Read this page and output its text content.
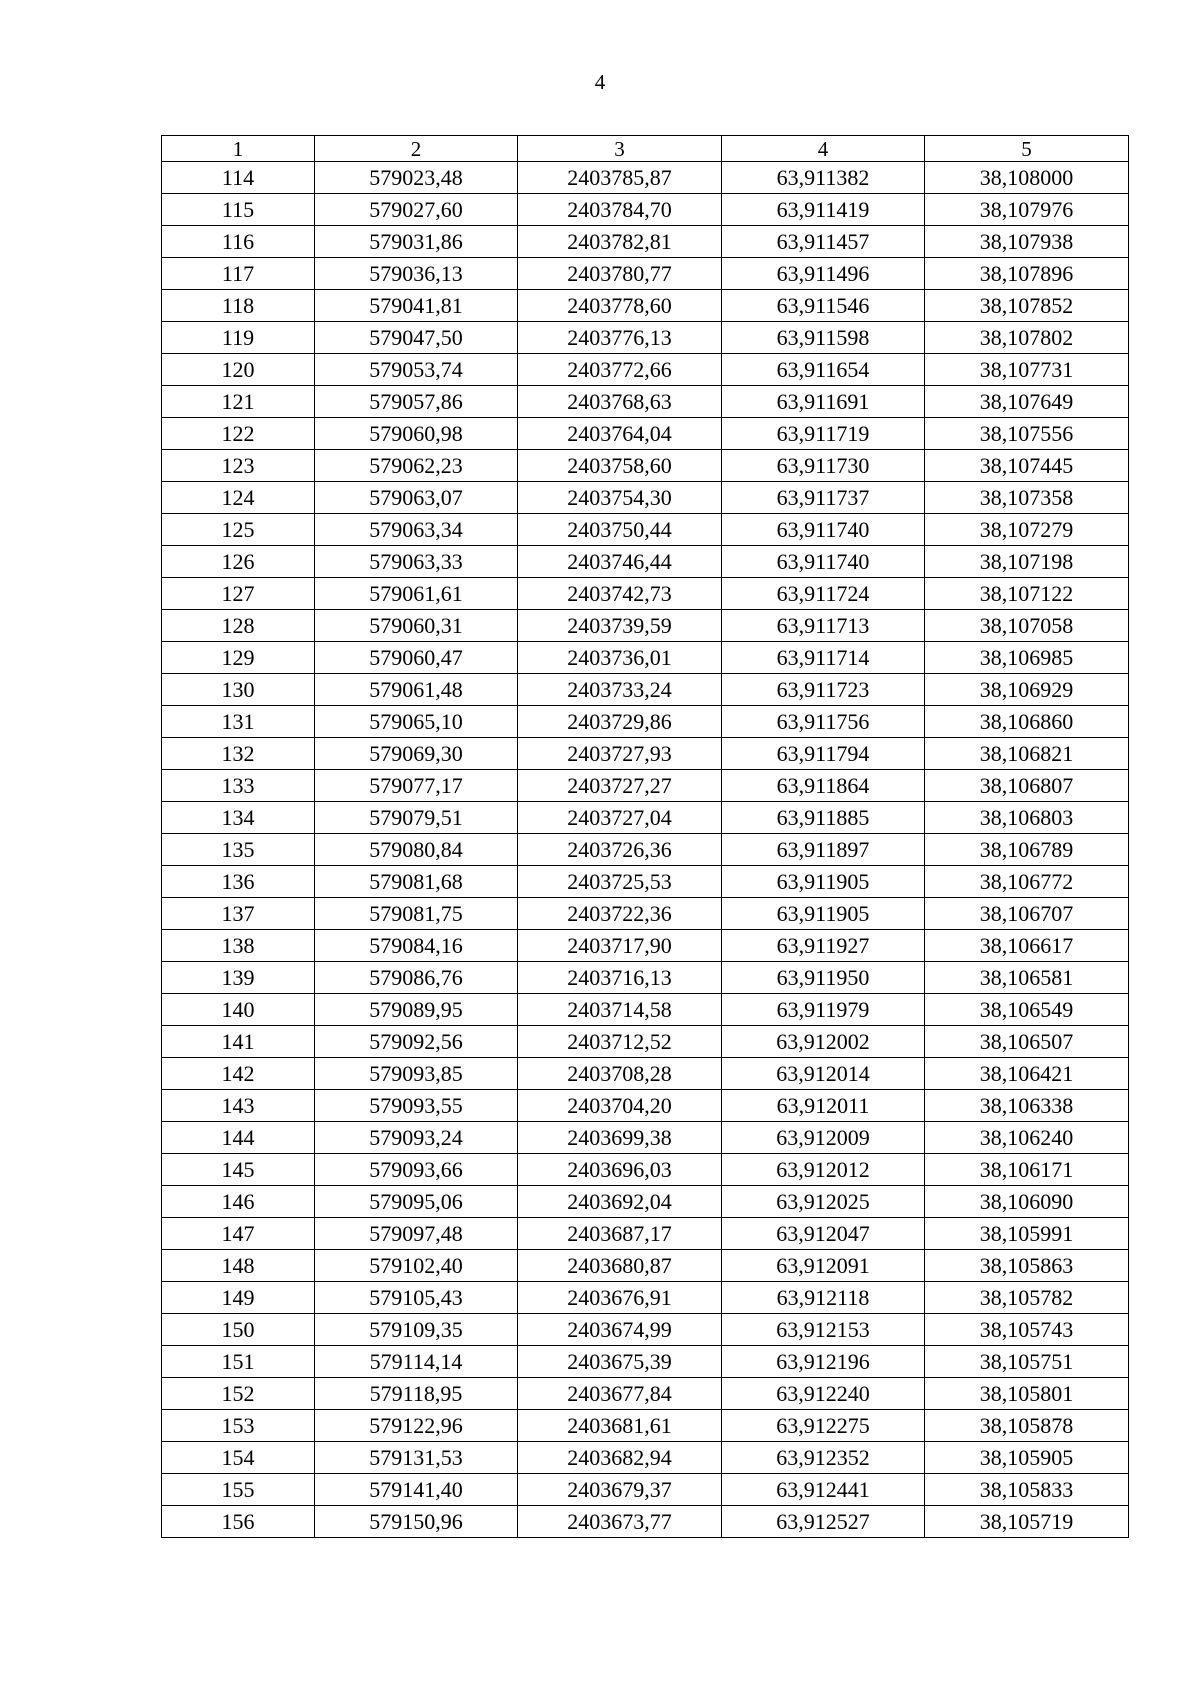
4
1	2	3	4	5
114	579023,48	2403785,87	63,911382	38,108000
115	579027,60	2403784,70	63,911419	38,107976
116	579031,86	2403782,81	63,911457	38,107938
117	579036,13	2403780,77	63,911496	38,107896
118	579041,81	2403778,60	63,911546	38,107852
119	579047,50	2403776,13	63,911598	38,107802
120	579053,74	2403772,66	63,911654	38,107731
121	579057,86	2403768,63	63,911691	38,107649
122	579060,98	2403764,04	63,911719	38,107556
123	579062,23	2403758,60	63,911730	38,107445
124	579063,07	2403754,30	63,911737	38,107358
125	579063,34	2403750,44	63,911740	38,107279
126	579063,33	2403746,44	63,911740	38,107198
127	579061,61	2403742,73	63,911724	38,107122
128	579060,31	2403739,59	63,911713	38,107058
129	579060,47	2403736,01	63,911714	38,106985
130	579061,48	2403733,24	63,911723	38,106929
131	579065,10	2403729,86	63,911756	38,106860
132	579069,30	2403727,93	63,911794	38,106821
133	579077,17	2403727,27	63,911864	38,106807
134	579079,51	2403727,04	63,911885	38,106803
135	579080,84	2403726,36	63,911897	38,106789
136	579081,68	2403725,53	63,911905	38,106772
137	579081,75	2403722,36	63,911905	38,106707
138	579084,16	2403717,90	63,911927	38,106617
139	579086,76	2403716,13	63,911950	38,106581
140	579089,95	2403714,58	63,911979	38,106549
141	579092,56	2403712,52	63,912002	38,106507
142	579093,85	2403708,28	63,912014	38,106421
143	579093,55	2403704,20	63,912011	38,106338
144	579093,24	2403699,38	63,912009	38,106240
145	579093,66	2403696,03	63,912012	38,106171
146	579095,06	2403692,04	63,912025	38,106090
147	579097,48	2403687,17	63,912047	38,105991
148	579102,40	2403680,87	63,912091	38,105863
149	579105,43	2403676,91	63,912118	38,105782
150	579109,35	2403674,99	63,912153	38,105743
151	579114,14	2403675,39	63,912196	38,105751
152	579118,95	2403677,84	63,912240	38,105801
153	579122,96	2403681,61	63,912275	38,105878
154	579131,53	2403682,94	63,912352	38,105905
155	579141,40	2403679,37	63,912441	38,105833
156	579150,96	2403673,77	63,912527	38,105719
